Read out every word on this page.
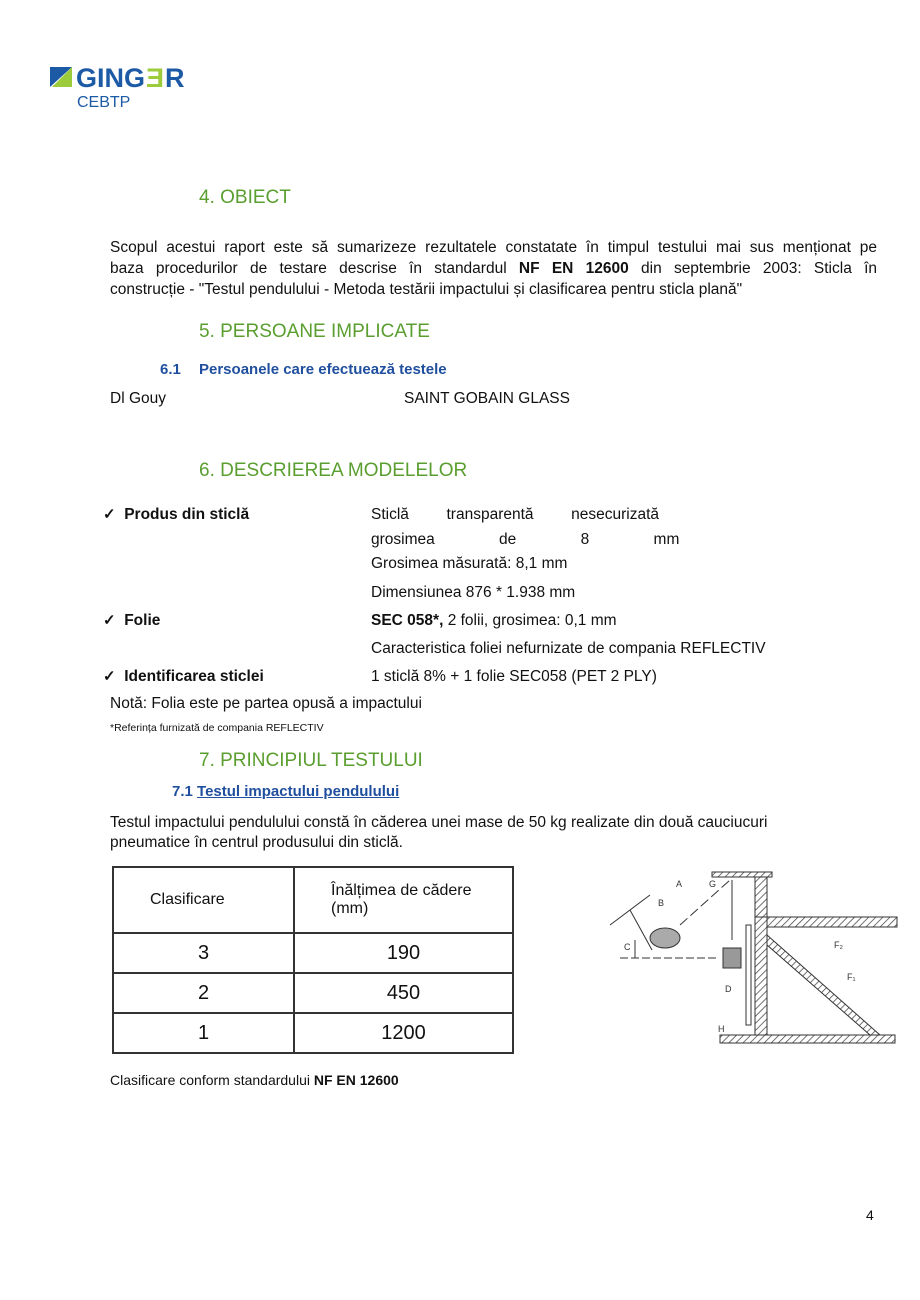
GING Ǝ R
CEBTP
4. OBIECT
Scopul acestui raport este să sumarizeze rezultatele constatate în timpul testului mai sus menționat pe
baza procedurilor de testare descrise în standardul NF EN 12600 din septembrie 2003: Sticla în
construcție - "Testul pendulului - Metoda testării impactului și clasificarea pentru sticla plană"
5. PERSOANE IMPLICATE
6.1 Persoanele care efectuează testele
Dl Gouy	SAINT GOBAIN GLASS
6. DESCRIEREA MODELELOR
✓ Produs din sticlă	Sticlă transparentă nesecurizată
grosimea de 8 mm
Grosimea măsurată: 8,1 mm
Dimensiunea 876 * 1.938 mm
✓ Folie	SEC 058*, 2 folii, grosimea: 0,1 mm
Caracteristica foliei nefurnizate de compania REFLECTIV
✓ Identificarea sticlei	1 sticlă 8% + 1 folie SEC058 (PET 2 PLY)
Notă: Folia este pe partea opusă a impactului
*Referința furnizată de compania REFLECTIV
7. PRINCIPIUL TESTULUI
7.1 Testul impactului pendulului
Testul impactului pendulului constă în căderea unei mase de 50 kg realizate din două cauciucuri
pneumatice în centrul produsului din sticlă.
Clasificare	Înălțimea de cădere (mm)
3	190
2	450
1	1200
A
B
G
C
D
H
F₂
F₁
Clasificare conform standardului NF EN 12600
4
